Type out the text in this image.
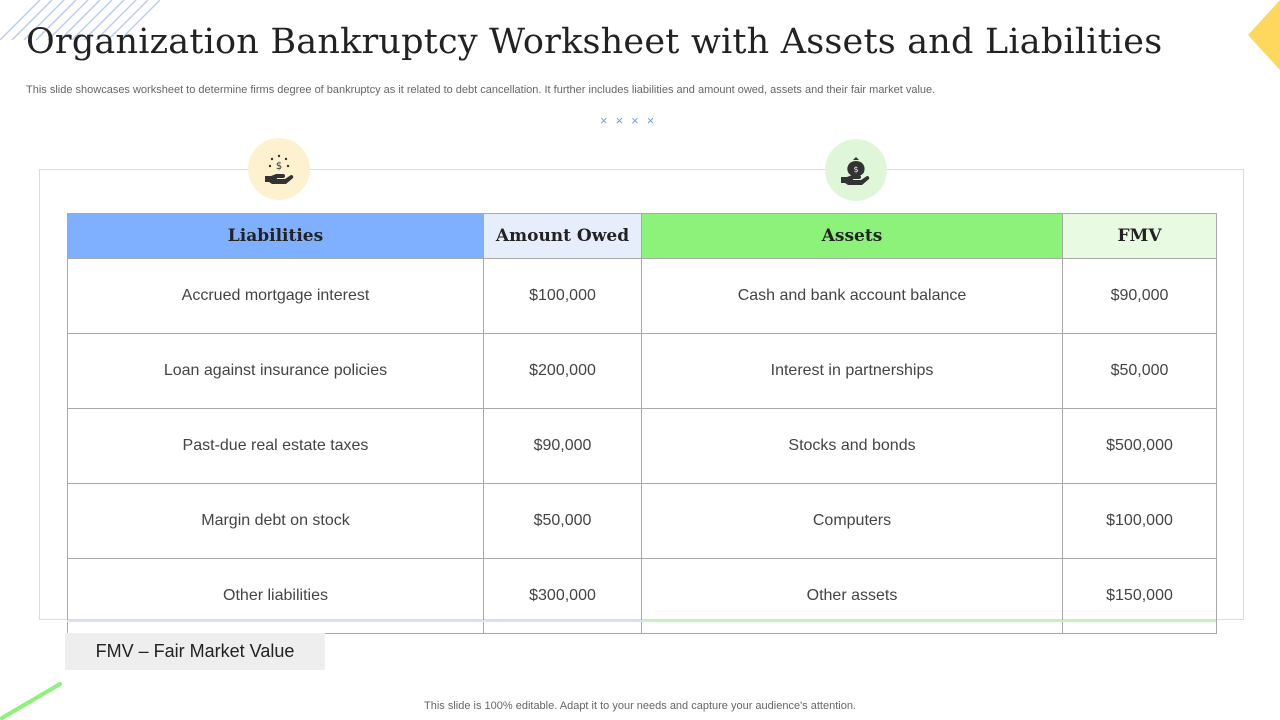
Organization Bankruptcy Worksheet with Assets and Liabilities

This slide showcases worksheet to determine firms degree of bankruptcy as it related to debt cancellation. It further includes liabilities and amount owed, assets and their fair market value.

××××
$	$
Liabilities	Amount Owed	Assets	FMV
Accrued mortgage interest	$100,000	Cash and bank account balance	$90,000
Loan against insurance policies	$200,000	Interest in partnerships	$50,000
Past-due real estate taxes	$90,000	Stocks and bonds	$500,000
Margin debt on stock	$50,000	Computers	$100,000
Other liabilities	$300,000	Other assets	$150,000
FMV – Fair Market Value
This slide is 100% editable. Adapt it to your needs and capture your audience's attention.
